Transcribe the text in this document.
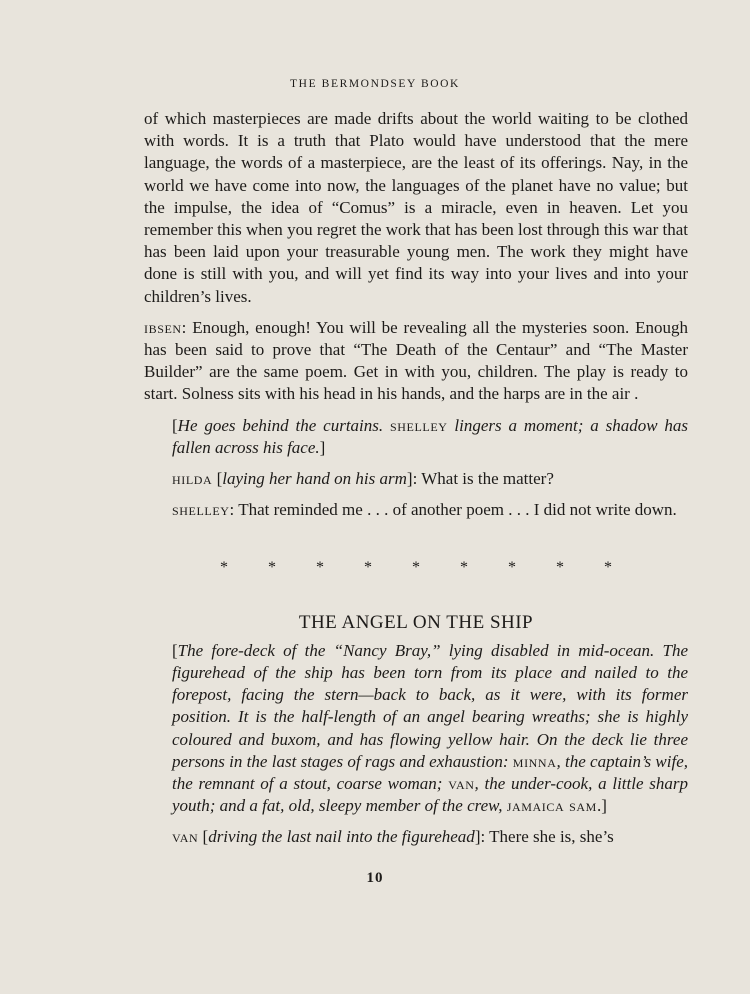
THE BERMONDSEY BOOK

of which masterpieces are made drifts about the world waiting to be clothed with words. It is a truth that Plato would have understood that the mere language, the words of a masterpiece, are the least of its offerings. Nay, in the world we have come into now, the languages of the planet have no value; but the impulse, the idea of “Comus” is a miracle, even in heaven. Let you remember this when you regret the work that has been lost through this war that has been laid upon your treasurable young men. The work they might have done is still with you, and will yet find its way into your lives and into your children’s lives.

ibsen: Enough, enough! You will be revealing all the mysteries soon. Enough has been said to prove that “The Death of the Centaur” and “The Master Builder” are the same poem. Get in with you, children. The play is ready to start. Solness sits with his head in his hands, and the harps are in the air .

[He goes behind the curtains. shelley lingers a moment; a shadow has fallen across his face.]

hilda [laying her hand on his arm]: What is the matter?

shelley: That reminded me . . . of another poem . . . I did not write down.

*	*	*	*	*	*	*	*	*
THE ANGEL ON THE SHIP

[The fore-deck of the “Nancy Bray,” lying disabled in mid-ocean. The figurehead of the ship has been torn from its place and nailed to the forepost, facing the stern—back to back, as it were, with its former position. It is the half-length of an angel bearing wreaths; she is highly coloured and buxom, and has flowing yellow hair. On the deck lie three persons in the last stages of rags and exhaustion: minna, the captain’s wife, the remnant of a stout, coarse woman; van, the under-cook, a little sharp youth; and a fat, old, sleepy member of the crew, jamaica sam.]

van [driving the last nail into the figurehead]: There she is, she’s

10
